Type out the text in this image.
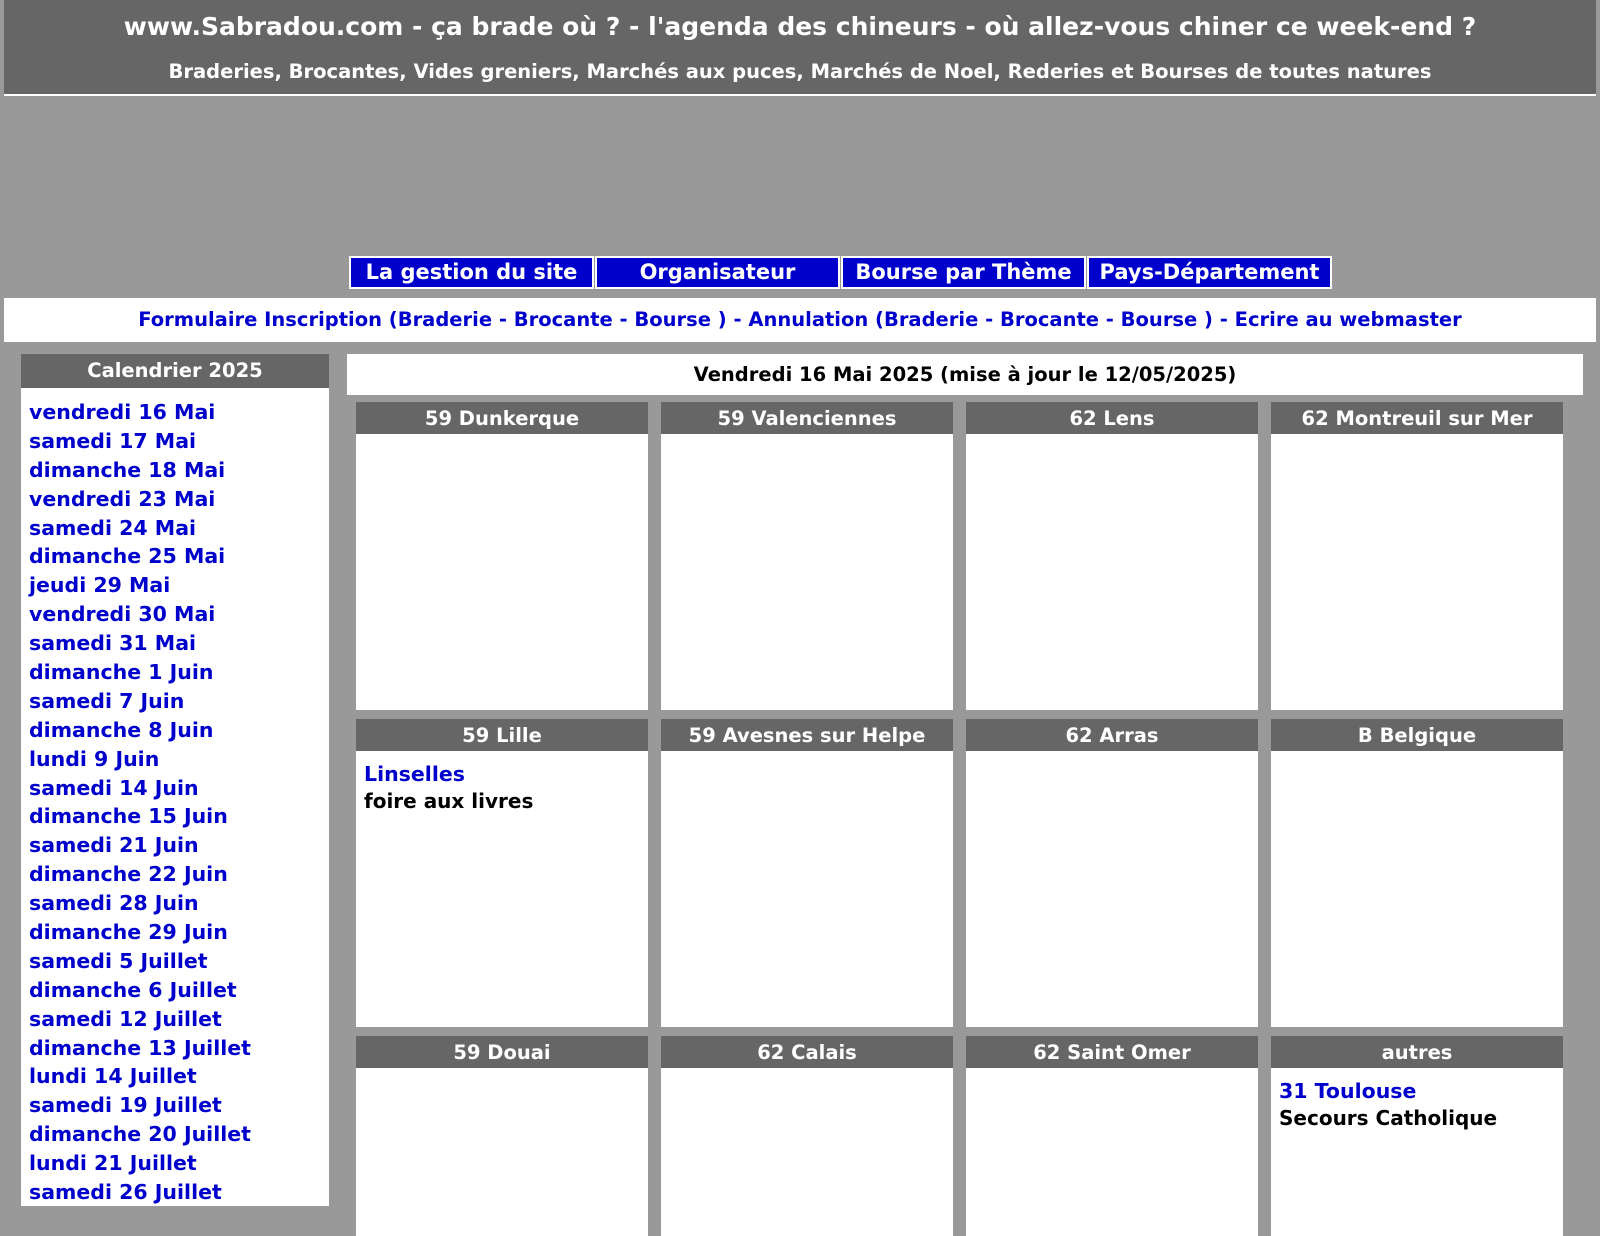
www.Sabradou.com - ça brade où ? - l'agenda des chineurs - où allez-vous chiner ce week-end ?
Braderies, Brocantes, Vides greniers, Marchés aux puces, Marchés de Noel, Rederies et Bourses de toutes natures
La gestion du site	Organisateur	Bourse par Thème	Pays-Département
Formulaire Inscription (Braderie - Brocante - Bourse ) - Annulation (Braderie - Brocante - Bourse ) - Ecrire au webmaster
Calendrier 2025
vendredi 16 Mai
samedi 17 Mai
dimanche 18 Mai
vendredi 23 Mai
samedi 24 Mai
dimanche 25 Mai
jeudi 29 Mai
vendredi 30 Mai
samedi 31 Mai
dimanche 1 Juin
samedi 7 Juin
dimanche 8 Juin
lundi 9 Juin
samedi 14 Juin
dimanche 15 Juin
samedi 21 Juin
dimanche 22 Juin
samedi 28 Juin
dimanche 29 Juin
samedi 5 Juillet
dimanche 6 Juillet
samedi 12 Juillet
dimanche 13 Juillet
lundi 14 Juillet
samedi 19 Juillet
dimanche 20 Juillet
lundi 21 Juillet
samedi 26 Juillet
Vendredi 16 Mai 2025 (mise à jour le 12/05/2025)
59 Dunkerque	59 Valenciennes	62 Lens	62 Montreuil sur Mer
59 Lille
Linselles
foire aux livres
59 Avesnes sur Helpe	62 Arras	B Belgique
59 Douai	62 Calais	62 Saint Omer	autres
31 Toulouse
Secours Catholique
